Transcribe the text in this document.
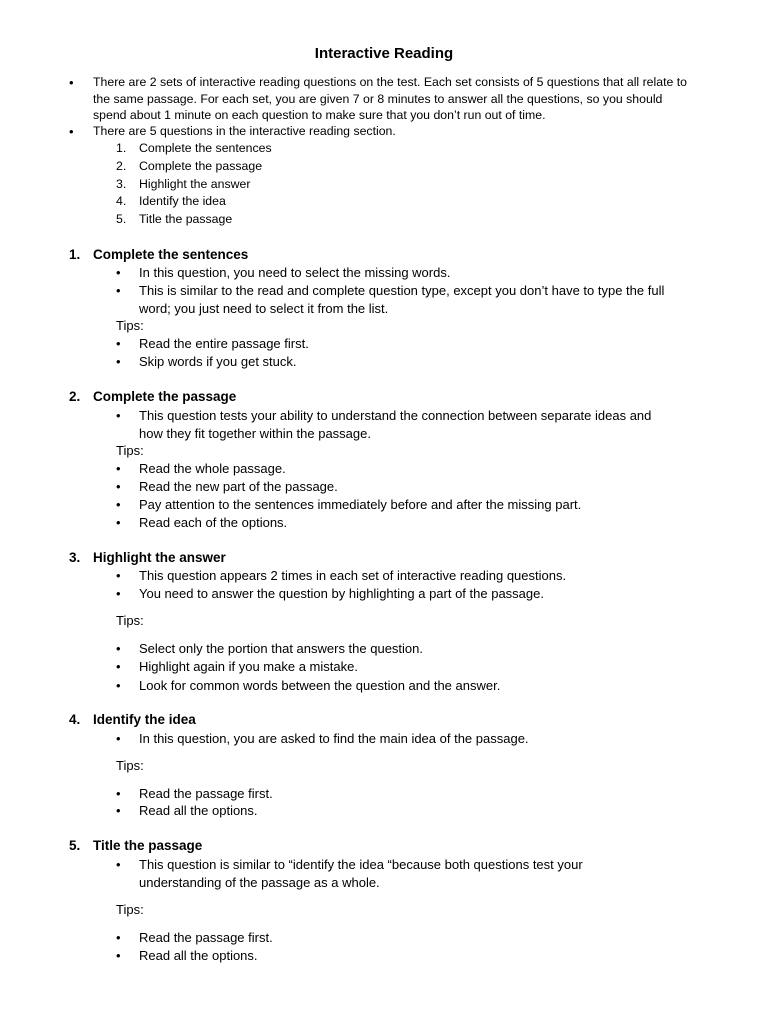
Interactive Reading
• There are 2 sets of interactive reading questions on the test. Each set consists of 5 questions that all relate to
the same passage. For each set, you are given 7 or 8 minutes to answer all the questions, so you should
spend about 1 minute on each question to make sure that you don’t run out of time.
• There are 5 questions in the interactive reading section.
1. Complete the sentences
2. Complete the passage
3. Highlight the answer
4. Identify the idea
5. Title the passage
1. Complete the sentences
• In this question, you need to select the missing words.
• This is similar to the read and complete question type, except you don’t have to type the full
word; you just need to select it from the list.
Tips:
• Read the entire passage first.
• Skip words if you get stuck.
2. Complete the passage
• This question tests your ability to understand the connection between separate ideas and
how they fit together within the passage.
Tips:
• Read the whole passage.
• Read the new part of the passage.
• Pay attention to the sentences immediately before and after the missing part.
• Read each of the options.
3. Highlight the answer
• This question appears 2 times in each set of interactive reading questions.
• You need to answer the question by highlighting a part of the passage.
Tips:
• Select only the portion that answers the question.
• Highlight again if you make a mistake.
• Look for common words between the question and the answer.
4. Identify the idea
• In this question, you are asked to find the main idea of the passage.
Tips:
• Read the passage first.
• Read all the options.
5. Title the passage
• This question is similar to “identify the idea “because both questions test your
understanding of the passage as a whole.
Tips:
• Read the passage first.
• Read all the options.
